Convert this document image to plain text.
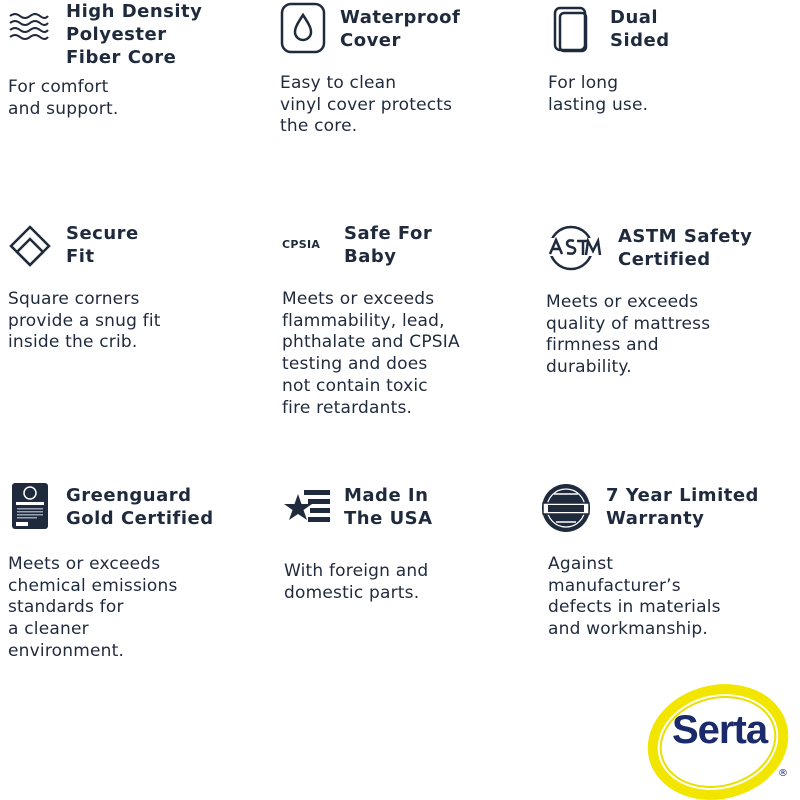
High Density
Polyester
Fiber Core
For comfort
and support.
Waterproof
Cover
Easy to clean
vinyl cover protects
the core.
Dual
Sided
For long
lasting use.
Secure
Fit
Square corners
provide a snug fit
inside the crib.
CPSIA
Safe For
Baby
Meets or exceeds
flammability, lead,
phthalate and CPSIA
testing and does
not contain toxic
fire retardants.
ASTM Safety
Certified
Meets or exceeds
quality of mattress
firmness and
durability.
Greenguard
Gold Certified
Meets or exceeds
chemical emissions
standards for
a cleaner
environment.
Made In
The USA
With foreign and
domestic parts.
7 Year Limited
Warranty
Against
manufacturer’s
defects in materials
and workmanship.
Serta
®
